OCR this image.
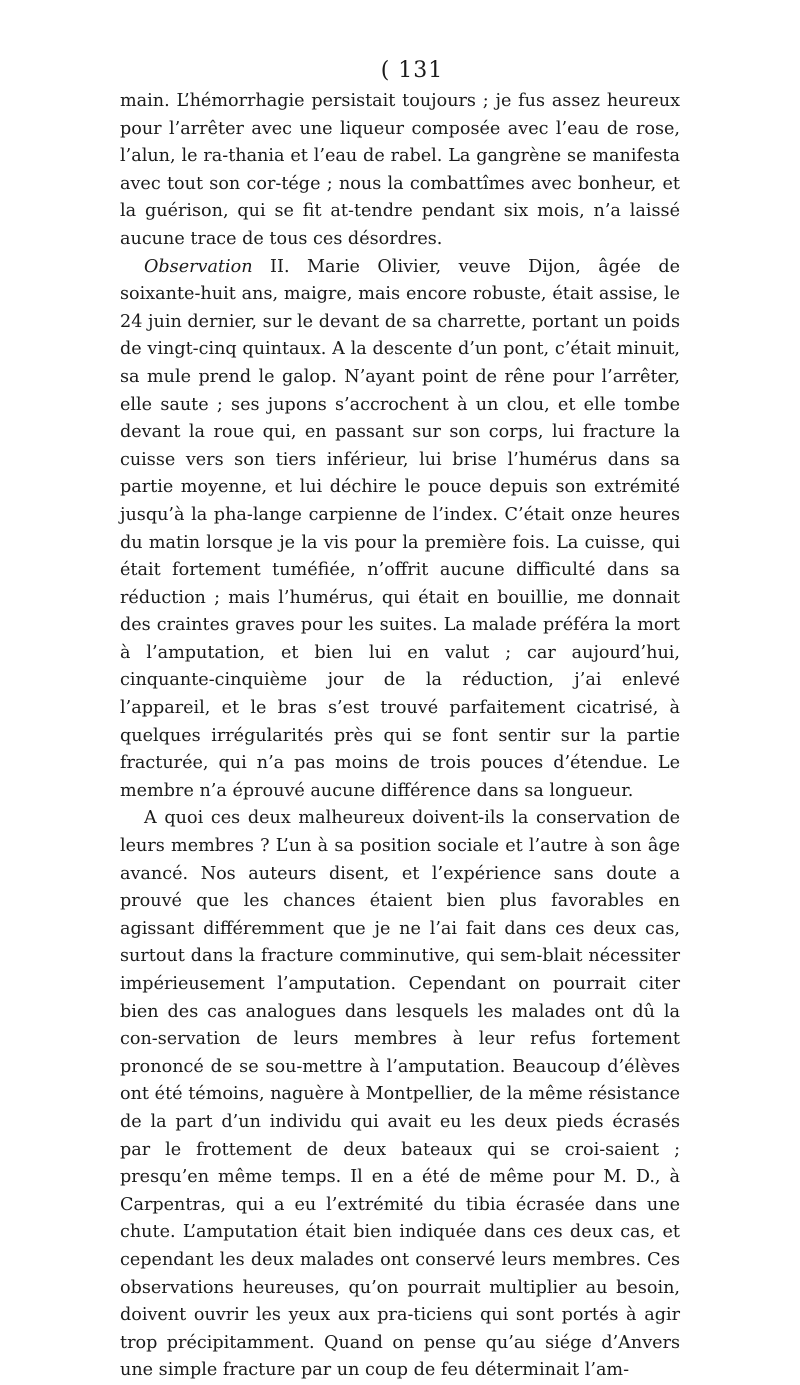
( 131

main. L’hémorrhagie persistait toujours ; je fus assez heureux pour l’arrêter avec une liqueur composée avec l’eau de rose, l’alun, le ra-thania et l’eau de rabel. La gangrène se manifesta avec tout son cor-tége ; nous la combattîmes avec bonheur, et la guérison, qui se fit at-tendre pendant six mois, n’a laissé aucune trace de tous ces désordres.

Observation II. Marie Olivier, veuve Dijon, âgée de soixante-huit ans, maigre, mais encore robuste, était assise, le 24 juin dernier, sur le devant de sa charrette, portant un poids de vingt-cinq quintaux. A la descente d’un pont, c’était minuit, sa mule prend le galop. N’ayant point de rêne pour l’arrêter, elle saute ; ses jupons s’accrochent à un clou, et elle tombe devant la roue qui, en passant sur son corps, lui fracture la cuisse vers son tiers inférieur, lui brise l’humérus dans sa partie moyenne, et lui déchire le pouce depuis son extrémité jusqu’à la pha-lange carpienne de l’index. C’était onze heures du matin lorsque je la vis pour la première fois. La cuisse, qui était fortement tuméfiée, n’offrit aucune difficulté dans sa réduction ; mais l’humérus, qui était en bouillie, me donnait des craintes graves pour les suites. La malade préféra la mort à l’amputation, et bien lui en valut ; car aujourd’hui, cinquante-cinquième jour de la réduction, j’ai enlevé l’appareil, et le bras s’est trouvé parfaitement cicatrisé, à quelques irrégularités près qui se font sentir sur la partie fracturée, qui n’a pas moins de trois pouces d’étendue. Le membre n’a éprouvé aucune différence dans sa longueur.

A quoi ces deux malheureux doivent-ils la conservation de leurs membres ? L’un à sa position sociale et l’autre à son âge avancé. Nos auteurs disent, et l’expérience sans doute a prouvé que les chances étaient bien plus favorables en agissant différemment que je ne l’ai fait dans ces deux cas, surtout dans la fracture comminutive, qui sem-blait nécessiter impérieusement l’amputation. Cependant on pourrait citer bien des cas analogues dans lesquels les malades ont dû la con-servation de leurs membres à leur refus fortement prononcé de se sou-mettre à l’amputation. Beaucoup d’élèves ont été témoins, naguère à Montpellier, de la même résistance de la part d’un individu qui avait eu les deux pieds écrasés par le frottement de deux bateaux qui se croi-saient ; presqu’en même temps. Il en a été de même pour M. D., à Carpentras, qui a eu l’extrémité du tibia écrasée dans une chute. L’amputation était bien indiquée dans ces deux cas, et cependant les deux malades ont conservé leurs membres. Ces observations heureuses, qu’on pourrait multiplier au besoin, doivent ouvrir les yeux aux pra-ticiens qui sont portés à agir trop précipitamment. Quand on pense qu’au siége d’Anvers une simple fracture par un coup de feu déterminait l’am-
